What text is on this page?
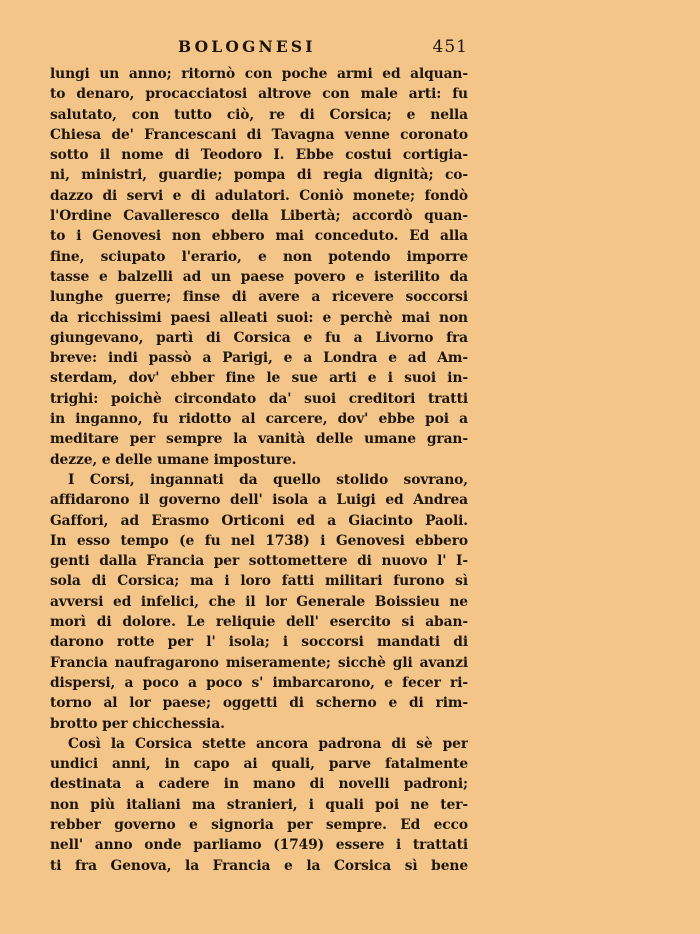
BOLOGNESI	451
lungi un anno; ritornò con poche armi ed alquan-
to denaro, procacciatosi altrove con male arti: fu
salutato, con tutto ciò, re di Corsica; e nella
Chiesa de' Francescani di Tavagna venne coronato
sotto il nome di Teodoro I. Ebbe costui cortigia-
ni, ministri, guardie; pompa di regia dignità; co-
dazzo di servi e di adulatori. Coniò monete; fondò
l'Ordine Cavalleresco della Libertà; accordò quan-
to i Genovesi non ebbero mai conceduto. Ed alla
fine, sciupato l'erario, e non potendo imporre
tasse e balzelli ad un paese povero e isterilito da
lunghe guerre; finse di avere a ricevere soccorsi
da ricchissimi paesi alleati suoi: e perchè mai non
giungevano, partì di Corsica e fu a Livorno fra
breve: indi passò a Parigi, e a Londra e ad Am-
sterdam, dov' ebber fine le sue arti e i suoi in-
trighi: poichè circondato da' suoi creditori tratti
in inganno, fu ridotto al carcere, dov' ebbe poi a
meditare per sempre la vanità delle umane gran-
dezze, e delle umane imposture.
I Corsi, ingannati da quello stolido sovrano,
affidarono il governo dell' isola a Luigi ed Andrea
Gaffori, ad Erasmo Orticoni ed a Giacinto Paoli.
In esso tempo (e fu nel 1738) i Genovesi ebbero
genti dalla Francia per sottomettere di nuovo l' I-
sola di Corsica; ma i loro fatti militari furono sì
avversi ed infelici, che il lor Generale Boissieu ne
morì di dolore. Le reliquie dell' esercito si aban-
darono rotte per l' isola; i soccorsi mandati di
Francia naufragarono miseramente; sicchè gli avanzi
dispersi, a poco a poco s' imbarcarono, e fecer ri-
torno al lor paese; oggetti di scherno e di rim-
brotto per chicchessia.
Così la Corsica stette ancora padrona di sè per
undici anni, in capo ai quali, parve fatalmente
destinata a cadere in mano di novelli padroni;
non più italiani ma stranieri, i quali poi ne ter-
rebber governo e signoria per sempre. Ed ecco
nell' anno onde parliamo (1749) essere i trattati
ti fra Genova, la Francia e la Corsica sì bene
